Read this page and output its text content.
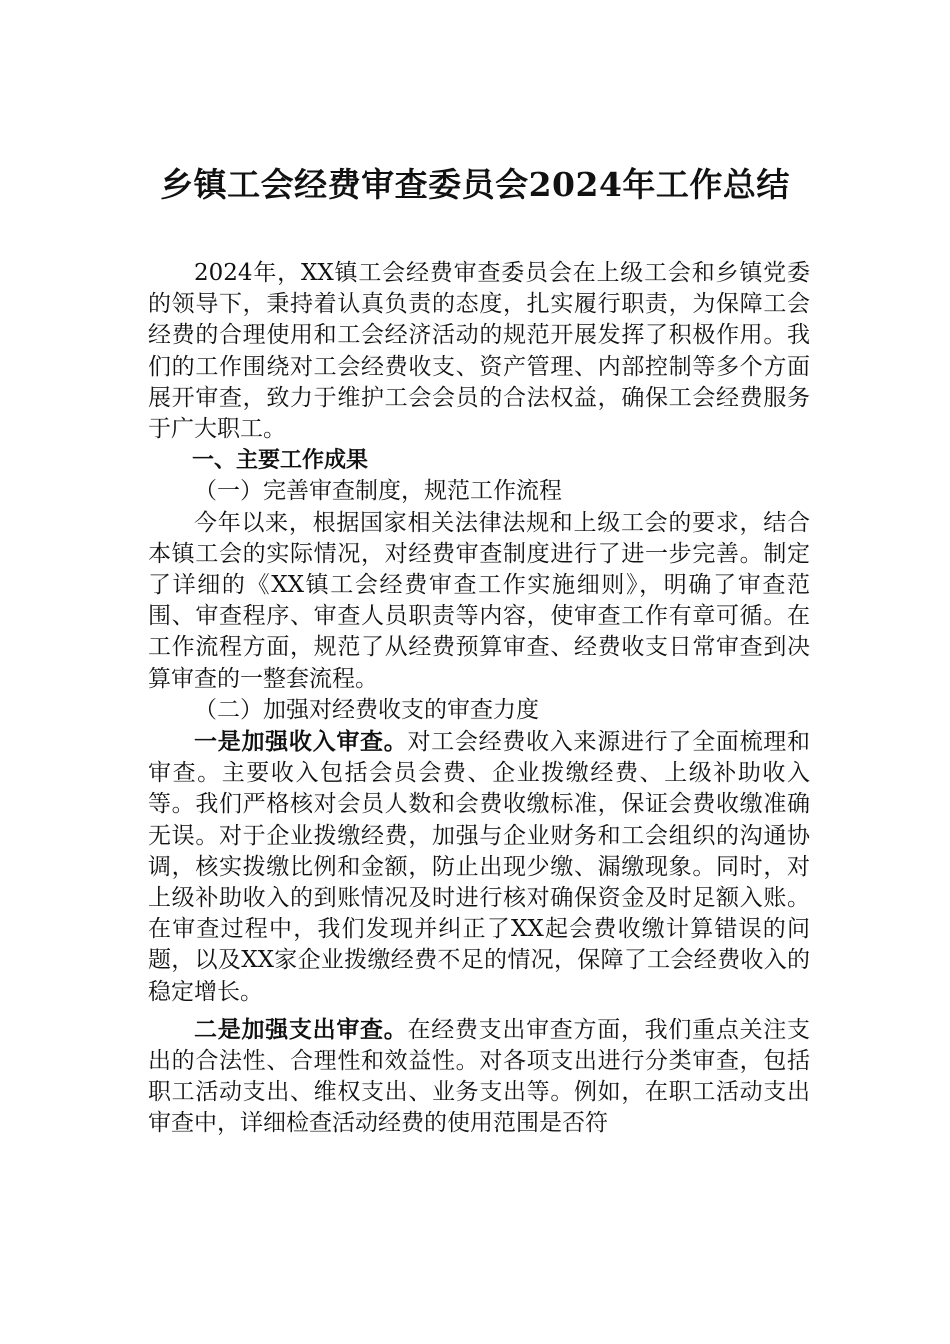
乡镇工会经费审查委员会2024年工作总结

2024年，XX镇工会经费审查委员会在上级工会和乡镇党委的领导下，秉持着认真负责的态度，扎实履行职责，为保障工会经费的合理使用和工会经济活动的规范开展发挥了积极作用。我们的工作围绕对工会经费收支、资产管理、内部控制等多个方面展开审查，致力于维护工会会员的合法权益，确保工会经费服务于广大职工。

一、主要工作成果

（一）完善审查制度，规范工作流程

今年以来，根据国家相关法律法规和上级工会的要求，结合本镇工会的实际情况，对经费审查制度进行了进一步完善。制定了详细的《XX镇工会经费审查工作实施细则》，明确了审查范围、审查程序、审查人员职责等内容，使审查工作有章可循。在工作流程方面，规范了从经费预算审查、经费收支日常审查到决算审查的一整套流程。

（二）加强对经费收支的审查力度

一是加强收入审查。对工会经费收入来源进行了全面梳理和审查。主要收入包括会员会费、企业拨缴经费、上级补助收入等。我们严格核对会员人数和会费收缴标准，保证会费收缴准确无误。对于企业拨缴经费，加强与企业财务和工会组织的沟通协调，核实拨缴比例和金额，防止出现少缴、漏缴现象。同时，对上级补助收入的到账情况及时进行核对确保资金及时足额入账。在审查过程中，我们发现并纠正了XX起会费收缴计算错误的问题，以及XX家企业拨缴经费不足的情况，保障了工会经费收入的稳定增长。

二是加强支出审查。在经费支出审查方面，我们重点关注支出的合法性、合理性和效益性。对各项支出进行分类审查，包括职工活动支出、维权支出、业务支出等。例如，在职工活动支出审查中，详细检查活动经费的使用范围是否符
